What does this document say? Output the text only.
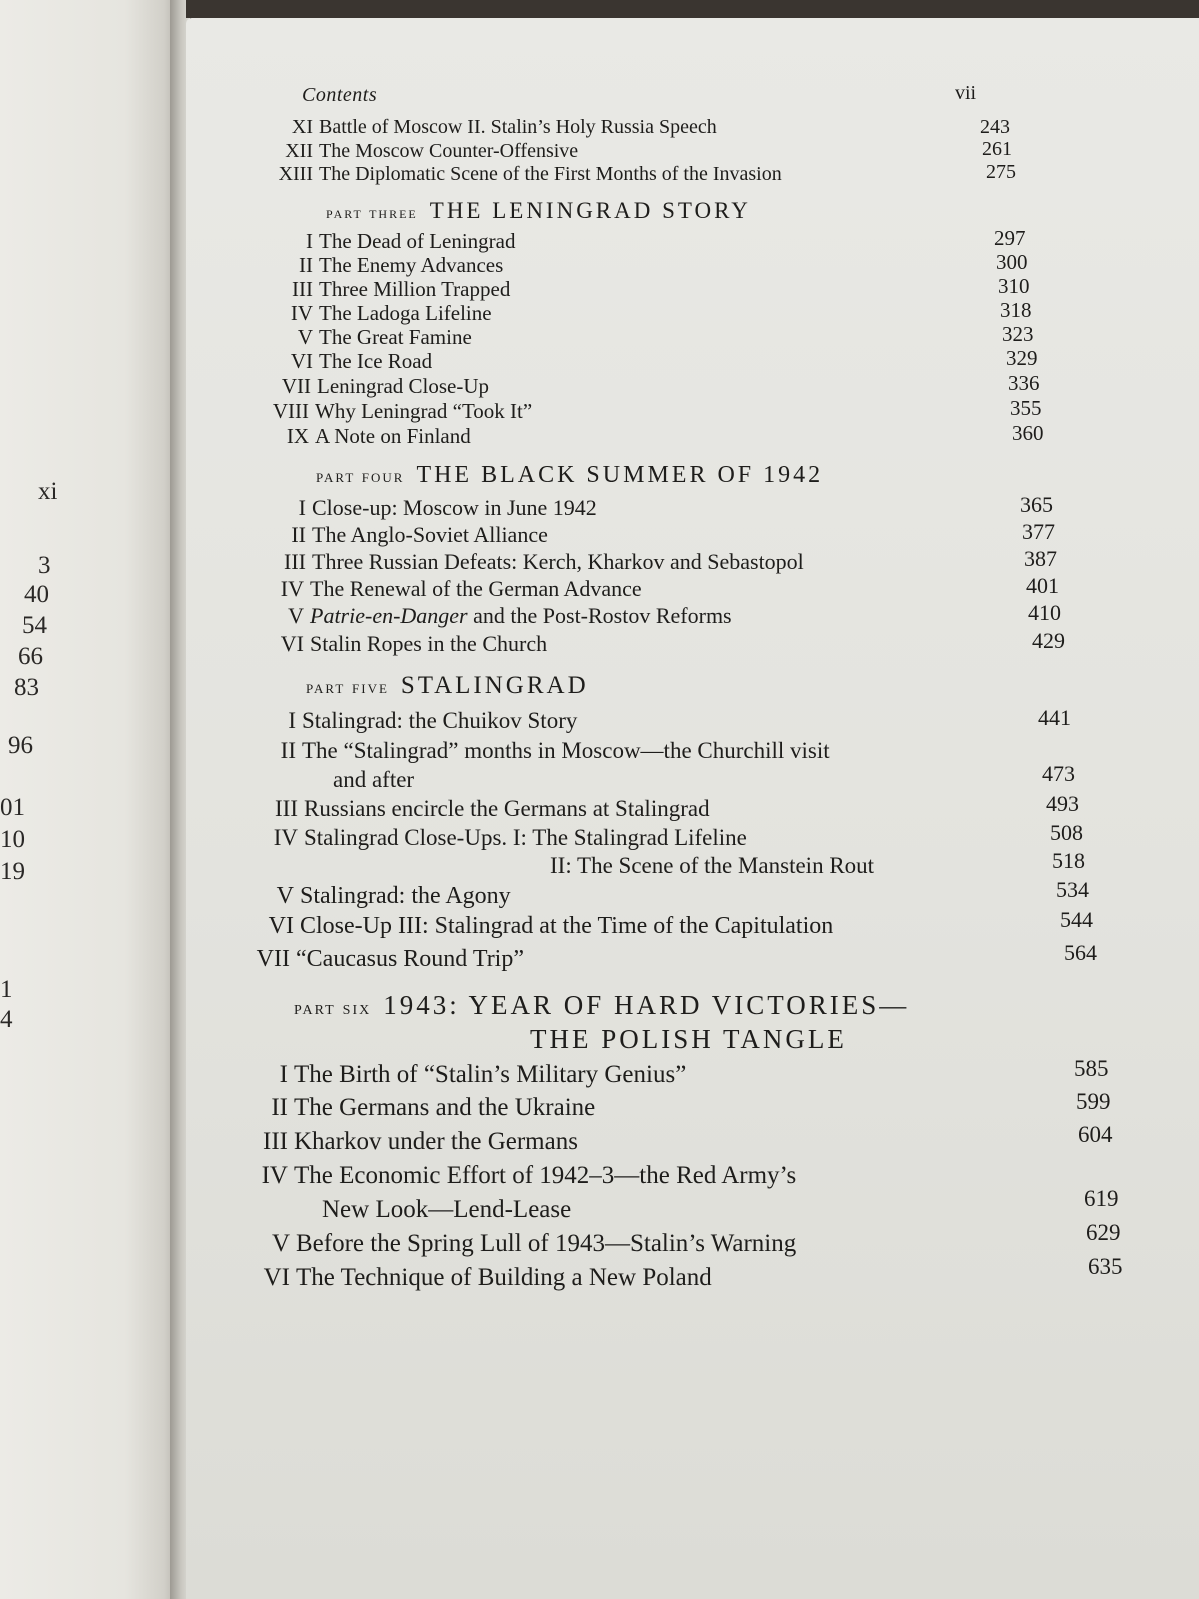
xi
3
40
54
66
83
96
01
10
19
1
4
Contents	vii
XI Battle of Moscow II. Stalin’s Holy Russia Speech	243
XII The Moscow Counter-Offensive	261
XIII The Diplomatic Scene of the First Months of the Invasion	275
part three THE LENINGRAD STORY
I The Dead of Leningrad	297
II The Enemy Advances	300
III Three Million Trapped	310
IV The Ladoga Lifeline	318
V The Great Famine	323
VI The Ice Road	329
VII Leningrad Close-Up	336
VIII Why Leningrad “Took It”	355
IX A Note on Finland	360
part four THE BLACK SUMMER OF 1942
I Close-up: Moscow in June 1942	365
II The Anglo-Soviet Alliance	377
III Three Russian Defeats: Kerch, Kharkov and Sebastopol	387
IV The Renewal of the German Advance	401
V Patrie-en-Danger and the Post-Rostov Reforms	410
VI Stalin Ropes in the Church	429
part five STALINGRAD
I Stalingrad: the Chuikov Story	441
II The “Stalingrad” months in Moscow—the Churchill visit
and after	473
III Russians encircle the Germans at Stalingrad	493
IV Stalingrad Close-Ups. I: The Stalingrad Lifeline	508
II: The Scene of the Manstein Rout	518
V Stalingrad: the Agony	534
VI Close-Up III: Stalingrad at the Time of the Capitulation	544
VII “Caucasus Round Trip”	564
part six 1943: YEAR OF HARD VICTORIES—
THE POLISH TANGLE
I The Birth of “Stalin’s Military Genius”	585
II The Germans and the Ukraine	599
III Kharkov under the Germans	604
IV The Economic Effort of 1942–3—the Red Army’s
New Look—Lend-Lease	619
V Before the Spring Lull of 1943—Stalin’s Warning	629
VI The Technique of Building a New Poland	635
